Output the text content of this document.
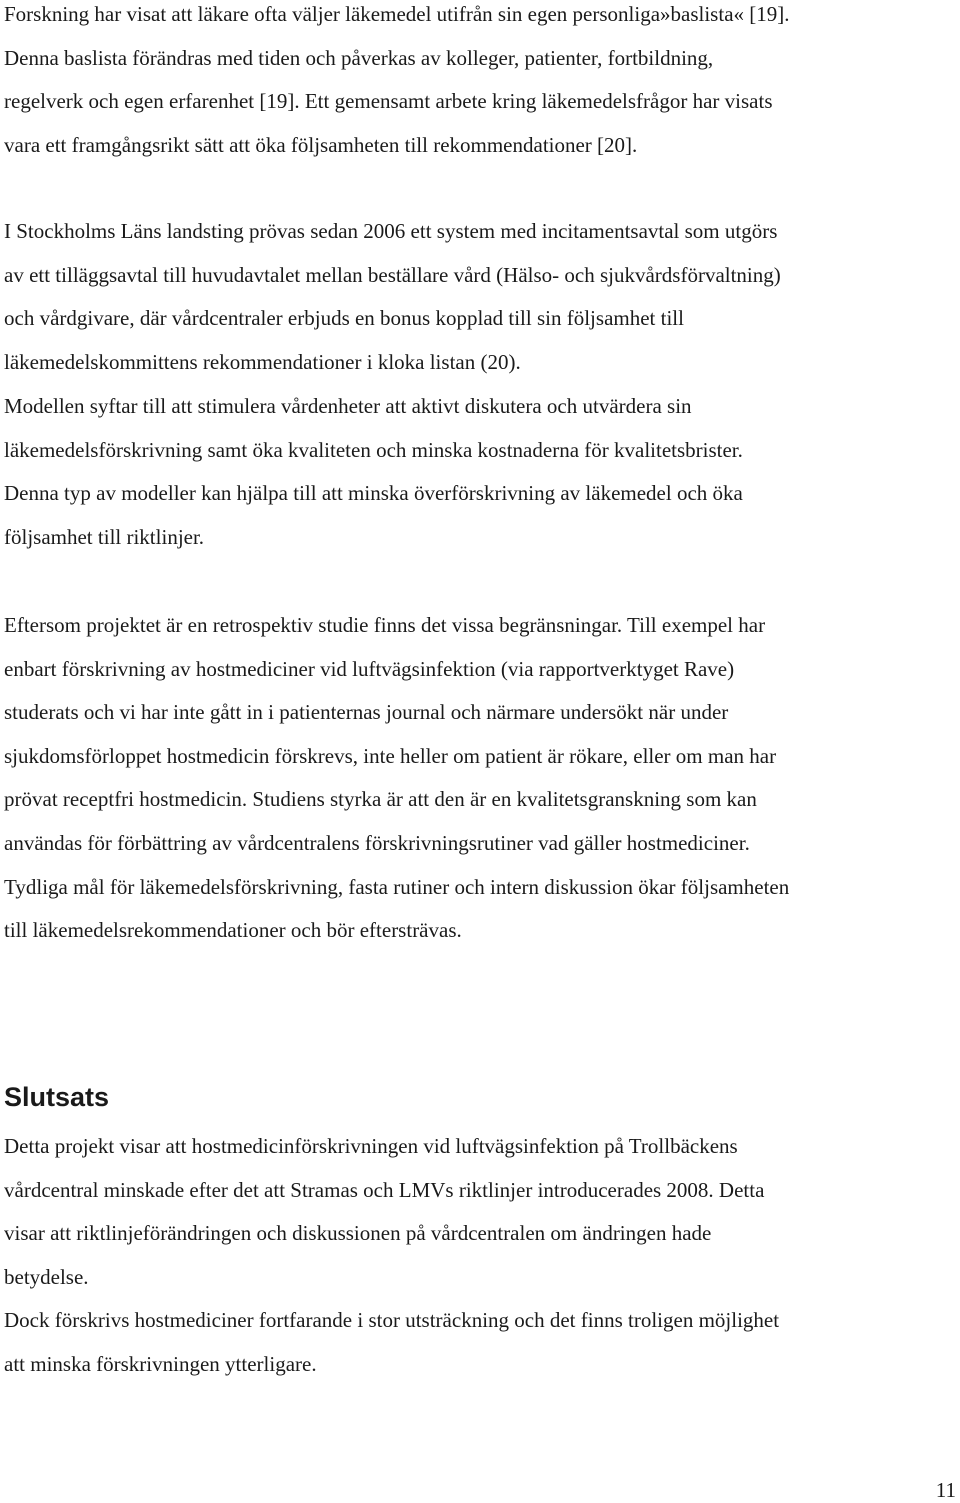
Forskning har visat att läkare ofta väljer läkemedel utifrån sin egen personliga»baslista« [19].
Denna baslista förändras med tiden och påverkas av kolleger, patienter, fortbildning,
regelverk och egen erfarenhet [19]. Ett gemensamt arbete kring läkemedelsfrågor har visats
vara ett framgångsrikt sätt att öka följsamheten till rekommendationer [20].
I Stockholms Läns landsting prövas sedan 2006 ett system med incitamentsavtal som utgörs
av ett tilläggsavtal till huvudavtalet mellan beställare vård (Hälso- och sjukvårdsförvaltning)
och vårdgivare, där vårdcentraler erbjuds en bonus kopplad till sin följsamhet till
läkemedelskommittens rekommendationer i kloka listan (20).
Modellen syftar till att stimulera vårdenheter att aktivt diskutera och utvärdera sin
läkemedelsförskrivning samt öka kvaliteten och minska kostnaderna för kvalitetsbrister.
Denna typ av modeller kan hjälpa till att minska överförskrivning av läkemedel och öka
följsamhet till riktlinjer.
Eftersom projektet är en retrospektiv studie finns det vissa begränsningar. Till exempel har
enbart förskrivning av hostmediciner vid luftvägsinfektion (via rapportverktyget Rave)
studerats och vi har inte gått in i patienternas journal och närmare undersökt när under
sjukdomsförloppet hostmedicin förskrevs, inte heller om patient är rökare, eller om man har
prövat receptfri hostmedicin. Studiens styrka är att den är en kvalitetsgranskning som kan
användas för förbättring av vårdcentralens förskrivningsrutiner vad gäller hostmediciner.
Tydliga mål för läkemedelsförskrivning, fasta rutiner och intern diskussion ökar följsamheten
till läkemedelsrekommendationer och bör eftersträvas.
Slutsats
Detta projekt visar att hostmedicinförskrivningen vid luftvägsinfektion på Trollbäckens
vårdcentral minskade efter det att Stramas och LMVs riktlinjer introducerades 2008. Detta
visar att riktlinjeförändringen och diskussionen på vårdcentralen om ändringen hade
betydelse.
Dock förskrivs hostmediciner fortfarande i stor utsträckning och det finns troligen möjlighet
att minska förskrivningen ytterligare.
11
